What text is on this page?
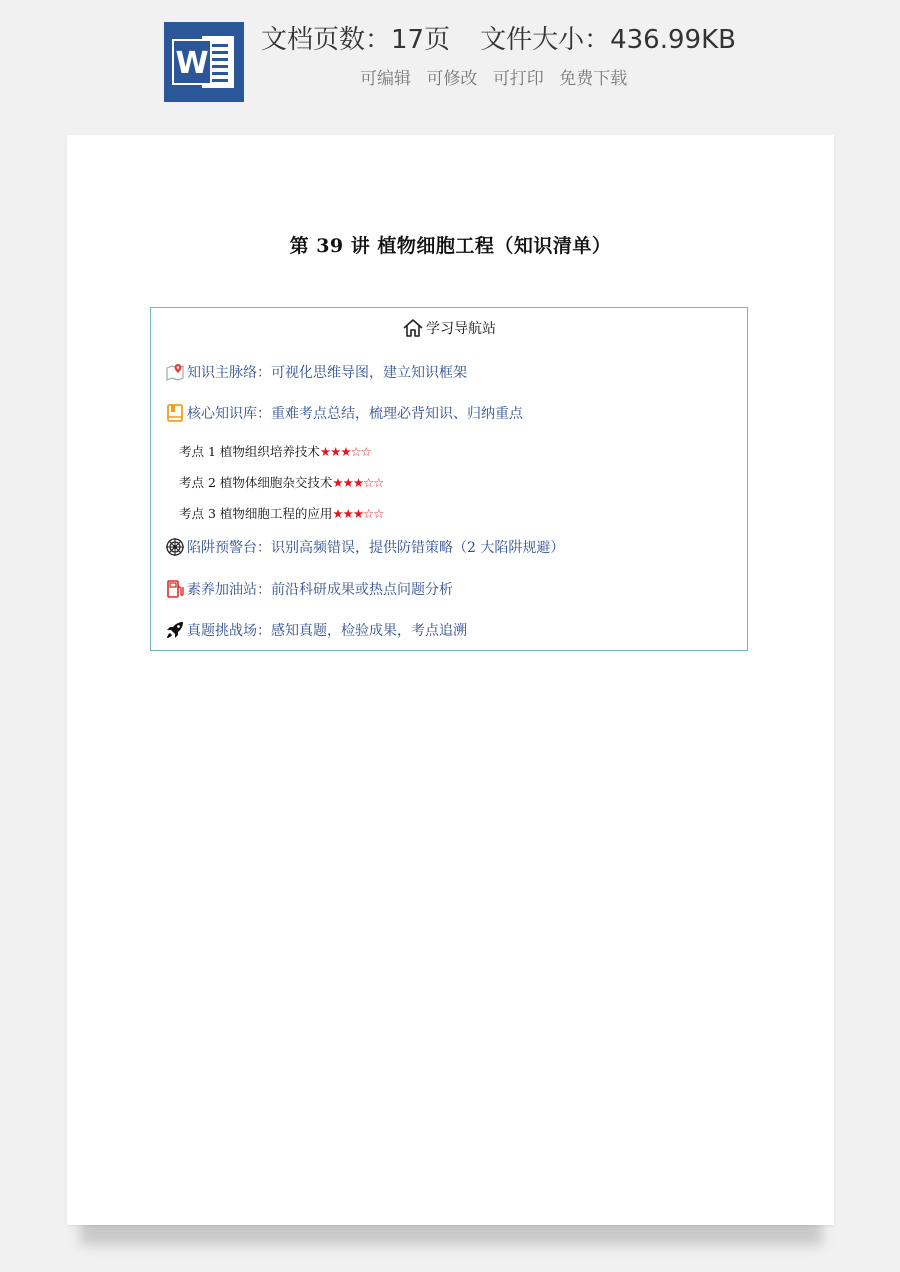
W
文档页数：17页 文件大小：436.99KB
可编辑 可修改 可打印 免费下载
第 39 讲 植物细胞工程（知识清单）
学习导航站
知识主脉络： 可视化思维导图，建立知识框架
核心知识库： 重难考点总结，梳理必背知识、归纳重点
考点 1 植物组织培养技术 ★★★ ☆☆
考点 2 植物体细胞杂交技术 ★★★ ☆☆
考点 3 植物细胞工程的应用 ★★★ ☆☆
陷阱预警台： 识别高频错误，提供防错策略（2 大陷阱规避）
素养加油站： 前沿科研成果或热点问题分析
真题挑战场： 感知真题，检验成果，考点追溯
